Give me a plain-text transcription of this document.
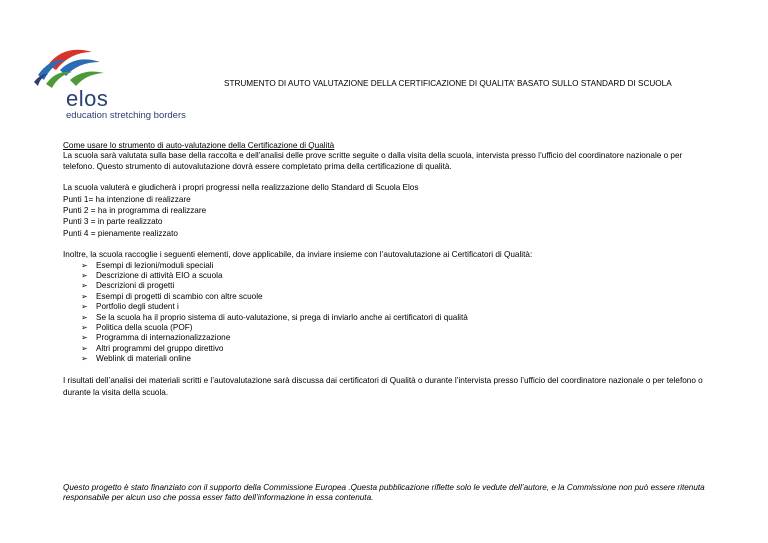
elos
education stretching borders
STRUMENTO DI AUTO VALUTAZIONE DELLA CERTIFICAZIONE DI QUALITA’ BASATO SULLO STANDARD DI SCUOLA

Come usare lo strumento di auto-valutazione della Certificazione di Qualità

La scuola sarà valutata sulla base della raccolta e dell’analisi delle prove scritte seguite o dalla visita della scuola, intervista presso l’ufficio del coordinatore nazionale o per telefono. Questo strumento di autovalutazione dovrà essere completato prima della certificazione di qualità.

La scuola valuterà e giudicherà i propri progressi nella realizzazione dello Standard di Scuola Elos
Punti 1= ha intenzione di realizzare
Punti 2 = ha in programma di realizzare
Punti 3 = in parte realizzato
Punti 4 = pienamente realizzato

Inoltre, la scuola raccoglie i seguenti elementi, dove applicabile, da inviare insieme con l’autovalutazione ai Certificatori di Qualità:

➢ Esempi di lezioni/moduli speciali
➢ Descrizione di attività EIO a scuola
➢ Descrizioni di progetti
➢ Esempi di progetti di scambio con altre scuole
➢ Portfolio degli student i
➢ Se la scuola ha il proprio sistema di auto-valutazione, si prega di inviarlo anche ai certificatori di qualità
➢ Politica della scuola (POF)
➢ Programma di internazionalizzazione
➢ Altri programmi del gruppo direttivo
➢ Weblink di materiali online

I risultati dell’analisi dei materiali scritti e l’autovalutazione sarà discussa dai certificatori di Qualità o durante l’intervista presso l’ufficio del coordinatore nazionale o per telefono o durante la visita della scuola.

Questo progetto è stato finanziato con il supporto della Commissione Europea .Questa pubblicazione riflette solo le vedute dell’autore, e la Commissione non può essere ritenuta responsabile per alcun uso che possa esser fatto dell’informazione in essa contenuta.
